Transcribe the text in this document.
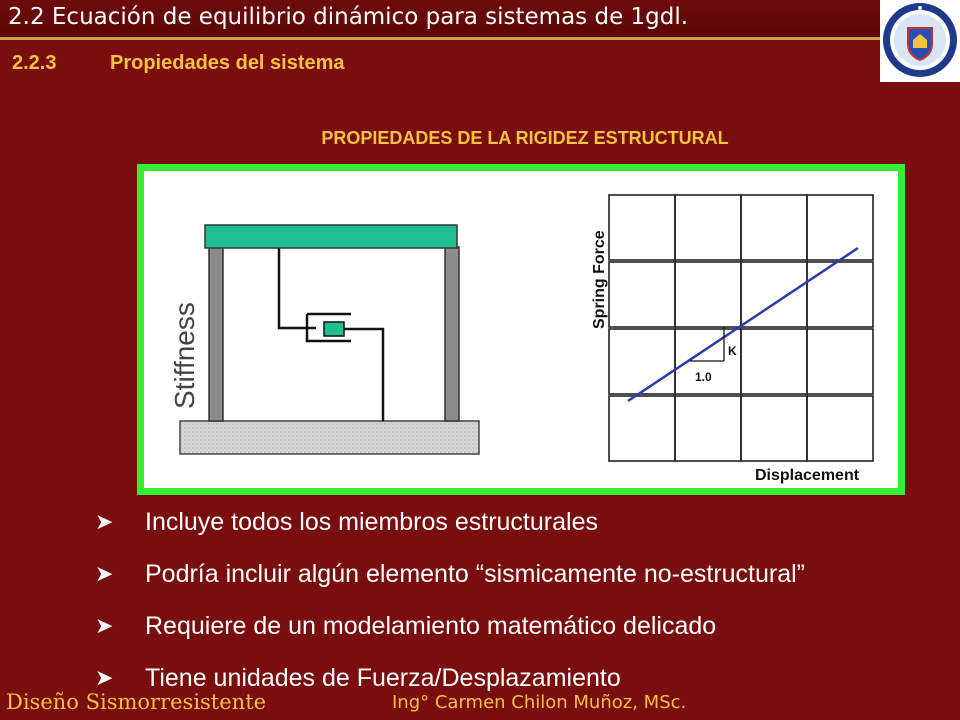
2.2 Ecuación de equilibrio dinámico para sistemas de 1gdl.
2.2.3	Propiedades del sistema
PROPIEDADES DE LA RIGIDEZ ESTRUCTURAL
Stiffness	K
1.0
Spring Force
Displacement
➤	Incluye todos los miembros estructurales
➤	Podría incluir algún elemento “sismicamente no-estructural”
➤	Requiere de un modelamiento matemático delicado
➤	Tiene unidades de Fuerza/Desplazamiento
Diseño Sismorresistente	Ing° Carmen Chilon Muñoz, MSc.
